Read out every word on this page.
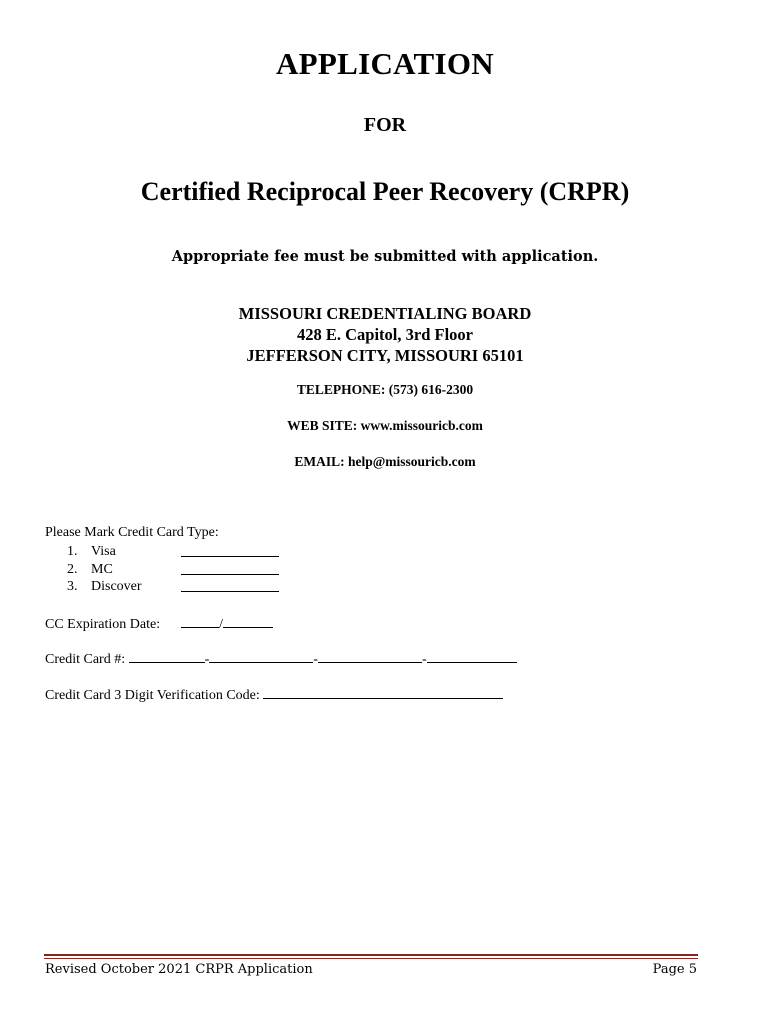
APPLICATION
FOR
Certified Reciprocal Peer Recovery (CRPR)
Appropriate fee must be submitted with application.
MISSOURI CREDENTIALING BOARD
428 E. Capitol, 3rd Floor
JEFFERSON CITY, MISSOURI 65101
TELEPHONE: (573) 616-2300
WEB SITE: www.missouricb.com
EMAIL: help@missouricb.com
Please Mark Credit Card Type:
1. Visa
2. MC
3. Discover
CC Expiration Date:	/
Credit Card #:	-	-	-
Credit Card 3 Digit Verification Code:
Revised October 2021 CRPR Application	Page 5
